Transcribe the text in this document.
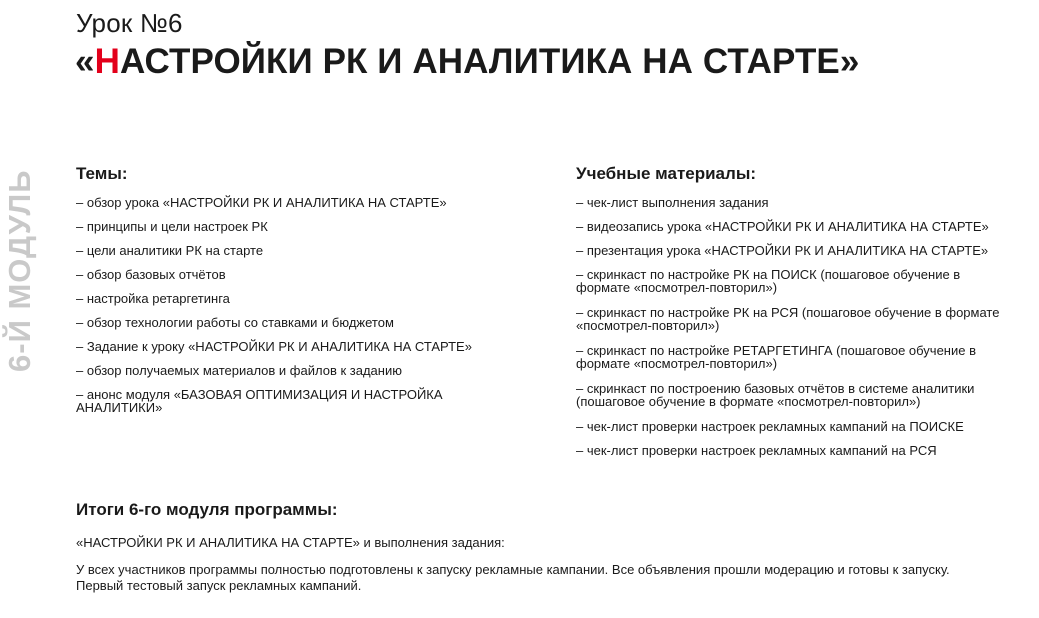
Урок №6
«НАСТРОЙКИ РК И АНАЛИТИКА НА СТАРТЕ»
6-Й МОДУЛЬ Темы:
– обзор урока «НАСТРОЙКИ РК И АНАЛИТИКА НА СТАРТЕ»
– принципы и цели настроек РК
– цели аналитики РК на старте
– обзор базовых отчётов
– настройка ретаргетинга
– обзор технологии работы со ставками и бюджетом
– Задание к уроку «НАСТРОЙКИ РК И АНАЛИТИКА НА СТАРТЕ»
– обзор получаемых материалов и файлов к заданию
– анонс модуля «БАЗОВАЯ ОПТИМИЗАЦИЯ И НАСТРОЙКА АНАЛИТИКИ»
Учебные материалы:
– чек-лист выполнения задания
– видеозапись урока «НАСТРОЙКИ РК И АНАЛИТИКА НА СТАРТЕ»
– презентация урока «НАСТРОЙКИ РК И АНАЛИТИКА НА СТАРТЕ»
– скринкаст по настройке РК на ПОИСК (пошаговое обучение в формате «посмотрел-повторил»)
– скринкаст по настройке РК на РСЯ (пошаговое обучение в формате «посмотрел-повторил»)
– скринкаст по настройке РЕТАРГЕТИНГА (пошаговое обучение в формате «посмотрел-повторил»)
– скринкаст по построению базовых отчётов в системе аналитики (пошаговое обучение в формате «посмотрел-повторил»)
– чек-лист проверки настроек рекламных кампаний на ПОИСКЕ
– чек-лист проверки настроек рекламных кампаний на РСЯ
Итоги 6-го модуля программы:

«НАСТРОЙКИ РК И АНАЛИТИКА НА СТАРТЕ» и выполнения задания:

У всех участников программы полностью подготовлены к запуску рекламные кампании. Все объявления прошли модерацию и готовы к запуску. Первый тестовый запуск рекламных кампаний.
